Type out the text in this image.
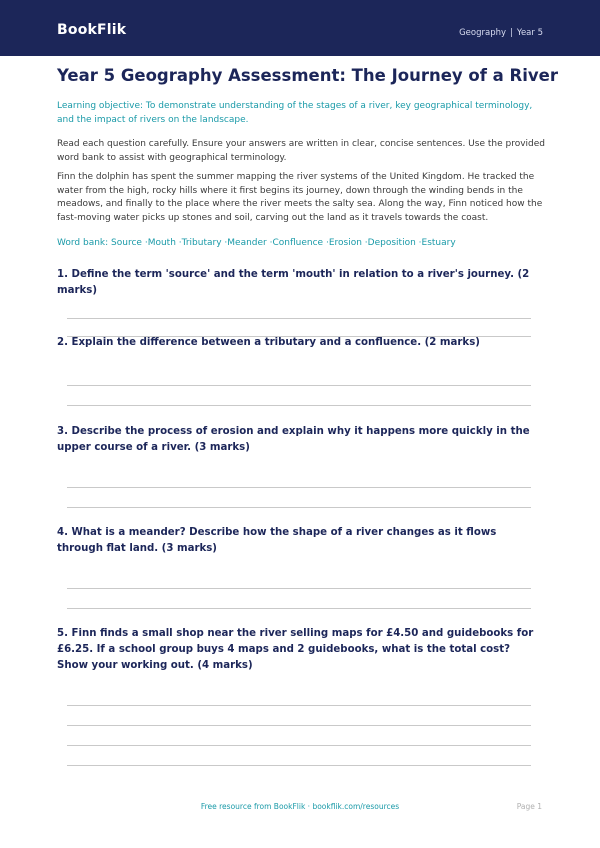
BookFlik	Geography | Year 5
Year 5 Geography Assessment: The Journey of a River
Learning objective: To demonstrate understanding of the stages of a river, key geographical terminology, and the impact of rivers on the landscape.
Read each question carefully. Ensure your answers are written in clear, concise sentences. Use the provided word bank to assist with geographical terminology.
Finn the dolphin has spent the summer mapping the river systems of the United Kingdom. He tracked the water from the high, rocky hills where it first begins its journey, down through the winding bends in the meadows, and finally to the place where the river meets the salty sea. Along the way, Finn noticed how the fast-moving water picks up stones and soil, carving out the land as it travels towards the coast.
Word bank: Source · Mouth · Tributary · Meander · Confluence · Erosion · Deposition · Estuary
1. Define the term 'source' and the term 'mouth' in relation to a river's journey. (2 marks)
2. Explain the difference between a tributary and a confluence. (2 marks)
3. Describe the process of erosion and explain why it happens more quickly in the upper course of a river. (3 marks)
4. What is a meander? Describe how the shape of a river changes as it flows through flat land. (3 marks)
5. Finn finds a small shop near the river selling maps for £4.50 and guidebooks for £6.25. If a school group buys 4 maps and 2 guidebooks, what is the total cost? Show your working out. (4 marks)
Free resource from BookFlik · bookflik.com/resources	Page 1
